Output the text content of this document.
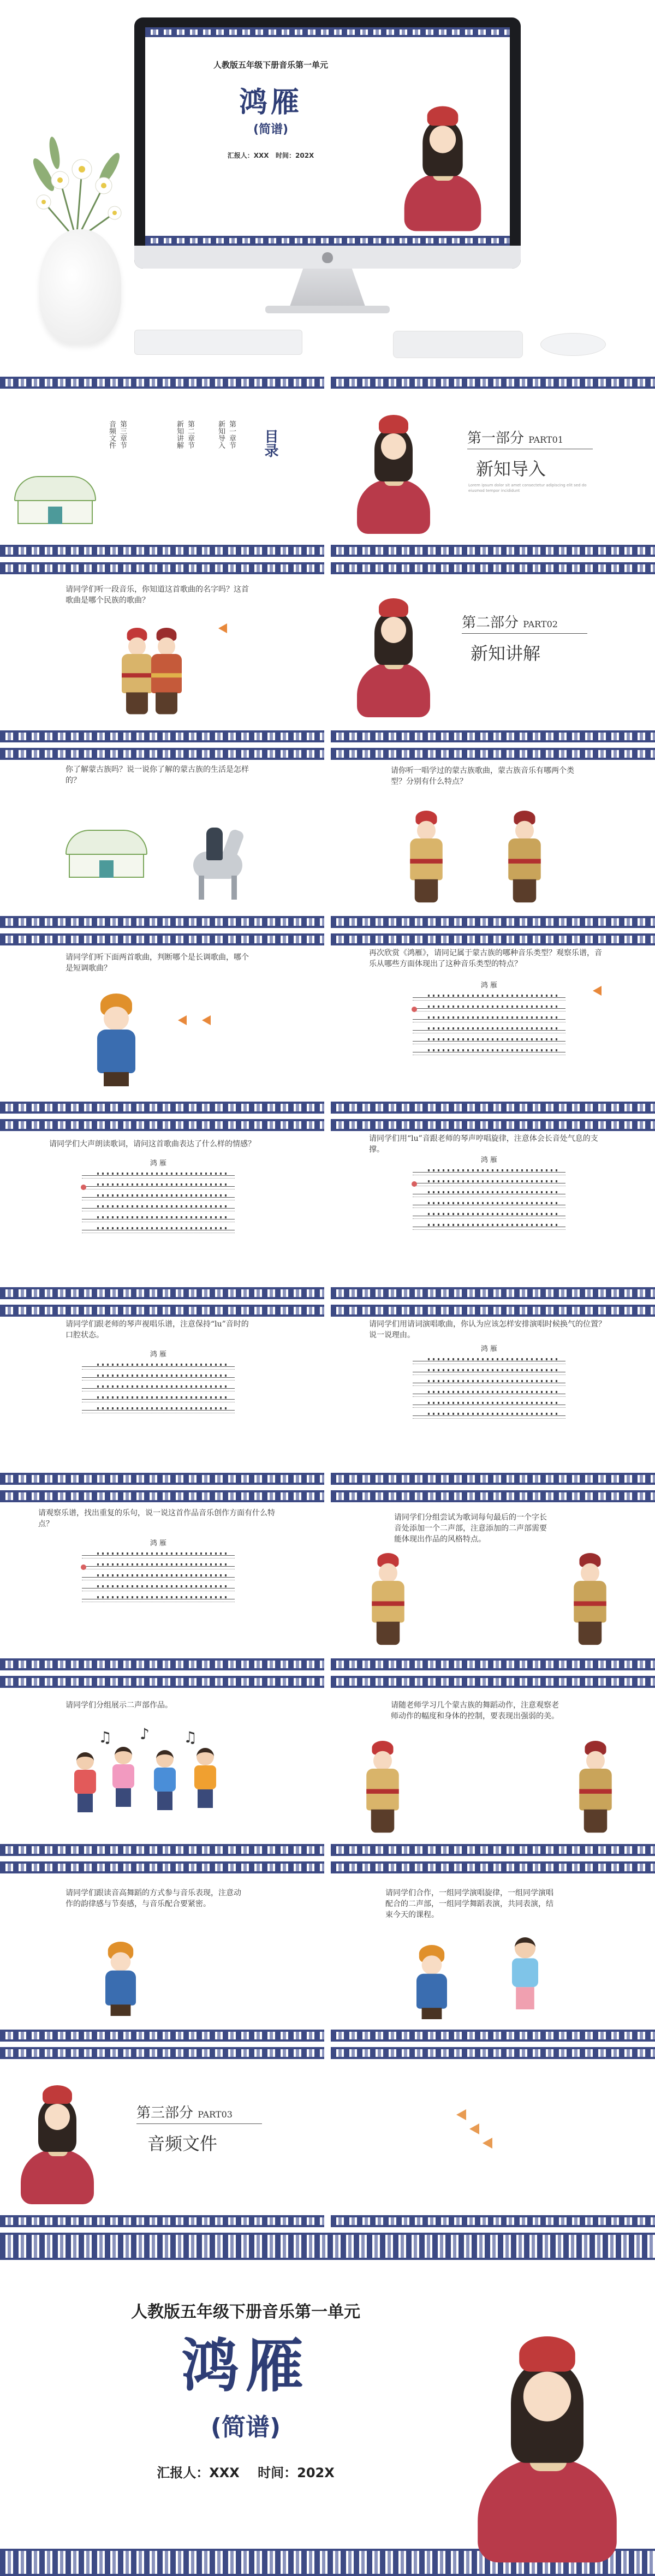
人教版五年级下册音乐第一单元
鸿雁
(简谱)
汇报人：XXX 时间：202X
目录
新知导入 第一章节
新知讲解 第二章节
音频文件 第三章节	第一部分 PART01
新知导入
Lorem ipsum dolor sit amet consectetur adipiscing elit sed do eiusmod tempor incididunt
请同学们听一段音乐，你知道这首歌曲的名字吗？这首歌曲是哪个民族的歌曲？
第二部分 PART02
新知讲解
你了解蒙古族吗？说一说你了解的蒙古族的生活是怎样的？
请你听一唱学过的蒙古族歌曲，蒙古族音乐有哪两个类型？分别有什么特点？
请同学们听下面两首歌曲，判断哪个是长调歌曲，哪个是短调歌曲？
再次欣赏《鸿雁》，请同记属于蒙古族的哪种音乐类型？观察乐谱，音乐从哪些方面体现出了这种音乐类型的特点？
鸿 雁
请同学们大声朗读歌词，请问这首歌曲表达了什么样的情感？
鸿 雁
请同学们用“lu”音跟老师的琴声哼唱旋律，注意体会长音处气息的支撑。
鸿 雁
请同学们跟老师的琴声视唱乐谱，注意保持“lu”音时的口腔状态。
鸿 雁
请同学们用请词演唱歌曲，你认为应该怎样安排演唱时候换气的位置？说一说理由。
鸿 雁
请观察乐谱，找出重复的乐句，说一说这首作品音乐创作方面有什么特点？
鸿 雁
请同学们分组尝试为歌词每句最后的一个字长音处添加一个二声部，注意添加的二声部需要能体现出作品的风格特点。
请同学们分组展示二声部作品。
♫ ♪ ♫
请随老师学习几个蒙古族的舞蹈动作，注意观察老师动作的幅度和身体的控制，要表现出强弱的美。
请同学们跟读音高舞蹈的方式参与音乐表现，注意动作的韵律感与节奏感，与音乐配合要紧密。
请同学们合作，一组同学演唱旋律，一组同学演唱配合的二声部，一组同学舞蹈表演，共同表演，结束今天的课程。
第三部分 PART03
音频文件
人教版五年级下册音乐第一单元
鸿雁
(简谱)
汇报人：XXX 时间：202X
